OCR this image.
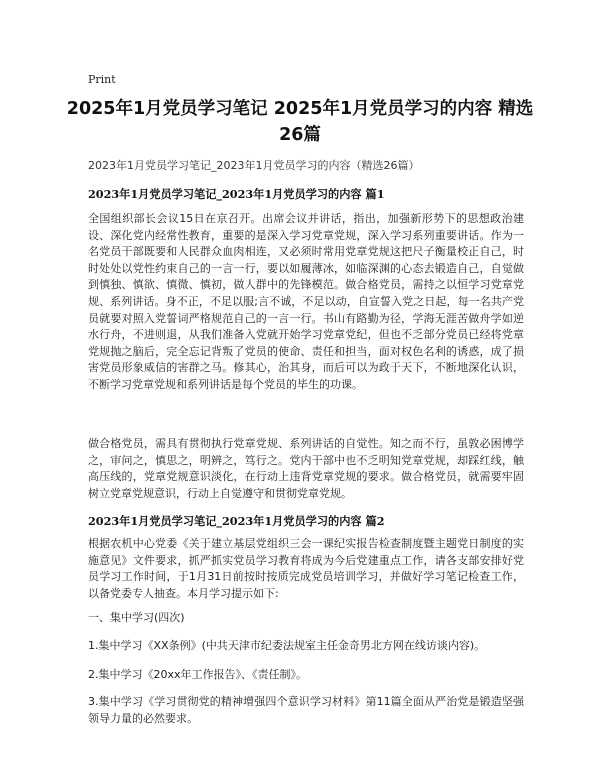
Print
2025年1月党员学习笔记 2025年1月党员学习的内容 精选26篇
2023年1月党员学习笔记_2023年1月党员学习的内容（精选26篇）
2023年1月党员学习笔记_2023年1月党员学习的内容 篇1
全国组织部长会议15日在京召开。出席会议并讲话，指出，加强新形势下的思想政治建设、深化党内经常性教育，重要的是深入学习党章党规，深入学习系列重要讲话。作为一名党员干部既要和人民群众血肉相连，又必须时常用党章党规这把尺子衡量校正自己，时时处处以党性约束自己的一言一行，要以如履薄冰，如临深渊的心态去锻造自己，自觉做到慎独、慎欲、慎微、慎初，做人群中的先锋模范。做合格党员，需持之以恒学习党章党规、系列讲话。身不正，不足以服;言不诚，不足以动，自宣誓入党之日起，每一名共产党员就要对照入党誓词严格规范自己的一言一行。书山有路勤为径，学海无涯苦做舟学如逆水行舟，不进则退，从我们准备入党就开始学习党章党纪，但也不乏部分党员已经将党章党规抛之脑后，完全忘记背叛了党员的使命、责任和担当，面对权色名利的诱惑，成了损害党员形象威信的害群之马。修其心，治其身，而后可以为政于天下，不断地深化认识，不断学习党章党规和系列讲话是每个党员的毕生的功课。
做合格党员，需具有贯彻执行党章党规、系列讲话的自觉性。知之而不行，虽敦必困博学之，审问之，慎思之，明辨之，笃行之。党内干部中也不乏明知党章党规，却踩红线，触高压线的，党章党规意识淡化，在行动上违背党章党规的要求。做合格党员，就需要牢固树立党章党规意识，行动上自觉遵守和贯彻党章党规。
2023年1月党员学习笔记_2023年1月党员学习的内容 篇2
根据农机中心党委《关于建立基层党组织三会一课纪实报告检查制度暨主题党日制度的实施意见》文件要求，抓严抓实党员学习教育将成为今后党建重点工作，请各支部安排好党员学习工作时间，于1月31日前按时按质完成党员培训学习，并做好学习笔记检查工作，以备党委专人抽查。本月学习提示如下:
一、集中学习(四次)
1.集中学习《XX条例》(中共天津市纪委法规室主任金奇男北方网在线访谈内容)。
2.集中学习《20xx年工作报告》、《责任制》。
3.集中学习《学习贯彻党的精神增强四个意识学习材料》第11篇全面从严治党是锻造坚强领导力量的必然要求。
